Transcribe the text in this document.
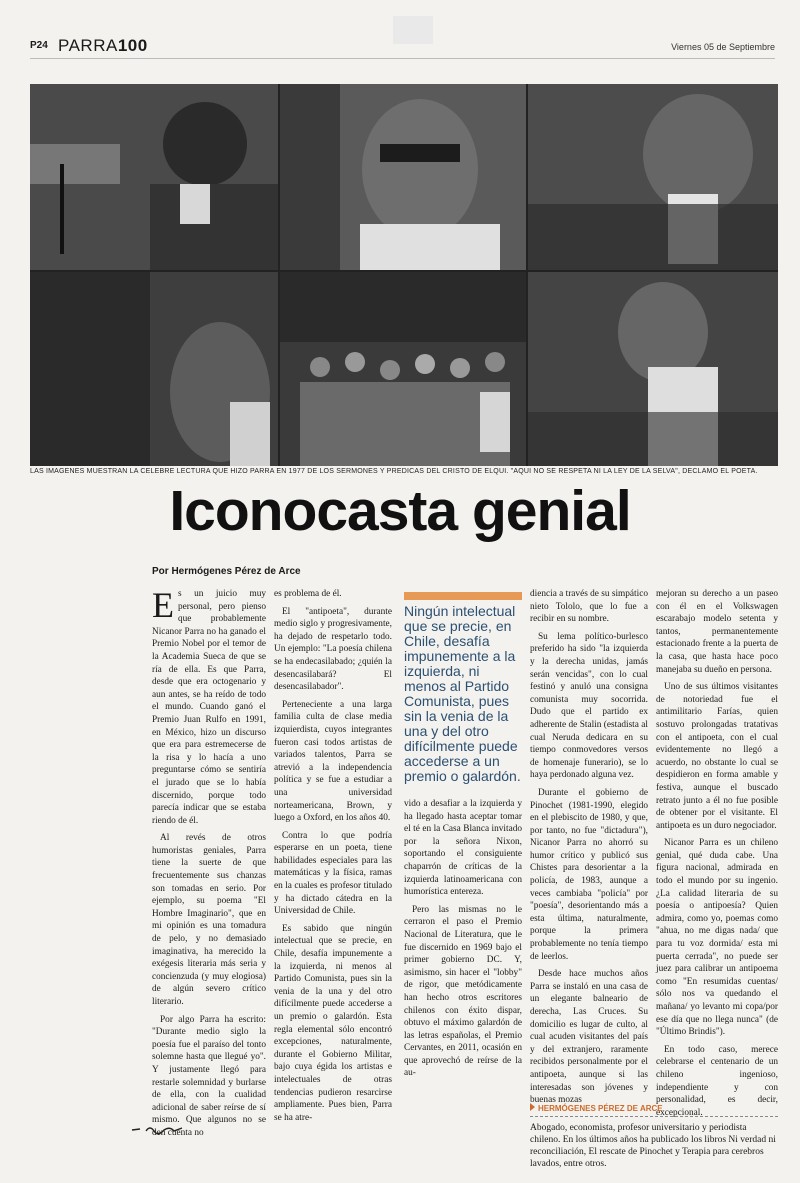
P24 PARRA100	Viernes 05 de Septiembre
LAS IMÁGENES MUESTRAN LA CÉLEBRE LECTURA QUE HIZO PARRA EN 1977 DE LOS SERMONES Y PRÉDICAS DEL CRISTO DE ELQUI. "AQUÍ NO SE RESPETA NI LA LEY DE LA SELVA", DECLAMÓ EL POETA.
Iconocasta genial
Por Hermógenes Pérez de Arce

Es un juicio muy personal, pero pienso que probablemente Nicanor Parra no ha ganado el Premio Nobel por el temor de la Academia Sueca de que se ría de ella. Es que Parra, desde que era octogenario y aun antes, se ha reído de todo el mundo. Cuando ganó el Premio Juan Rulfo en 1991, en México, hizo un discurso que era para estremecerse de la risa y lo hacía a uno preguntarse cómo se sentiría el jurado que se lo había discernido, porque todo parecía indicar que se estaba riendo de él.

Al revés de otros humoristas geniales, Parra tiene la suerte de que frecuentemente sus chanzas son tomadas en serio. Por ejemplo, su poema "El Hombre Imaginario", que en mi opinión es una tomadura de pelo, y no demasiado imaginativa, ha merecido la exégesis literaria más seria y concienzuda (y muy elogiosa) de algún severo crítico literario.

Por algo Parra ha escrito: "Durante medio siglo la poesía fue el paraíso del tonto solemne hasta que llegué yo". Y justamente llegó para restarle solemnidad y burlarse de ella, con la cualidad adicional de saber reírse de sí mismo. Que algunos no se den cuenta no

es problema de él.

El "antipoeta", durante medio siglo y progresivamente, ha dejado de respetarlo todo. Un ejemplo: "La poesía chilena se ha endecasilabado; ¿quién la desencasilabará? El desencasilabador".

Perteneciente a una larga familia culta de clase media izquierdista, cuyos integrantes fueron casi todos artistas de variados talentos, Parra se atrevió a la independencia política y se fue a estudiar a una universidad norteamericana, Brown, y luego a Oxford, en los años 40.

Contra lo que podría esperarse en un poeta, tiene habilidades especiales para las matemáticas y la física, ramas en la cuales es profesor titulado y ha dictado cátedra en la Universidad de Chile.

Es sabido que ningún intelectual que se precie, en Chile, desafía impunemente a la izquierda, ni menos al Partido Comunista, pues sin la venia de la una y del otro difícilmente puede accederse a un premio o galardón. Esta regla elemental sólo encontró excepciones, naturalmente, durante el Gobierno Militar, bajo cuya égida los artistas e intelectuales de otras tendencias pudieron resarcirse ampliamente. Pues bien, Parra se ha atre-

Ningún intelectual que se precie, en Chile, desafía impunemente a la izquierda, ni menos al Partido Comunista, pues sin la venia de la una y del otro difícilmente puede accederse a un premio o galardón.

vido a desafiar a la izquierda y ha llegado hasta aceptar tomar el té en la Casa Blanca invitado por la señora Nixon, soportando el consiguiente chaparrón de críticas de la izquierda latinoamericana con humorística entereza.

Pero las mismas no le cerraron el paso el Premio Nacional de Literatura, que le fue discernido en 1969 bajo el primer gobierno DC. Y, asimismo, sin hacer el "lobby" de rigor, que metódicamente han hecho otros escritores chilenos con éxito dispar, obtuvo el máximo galardón de las letras españolas, el Premio Cervantes, en 2011, ocasión en que aprovechó de reírse de la au-

diencia a través de su simpático nieto Tololo, que lo fue a recibir en su nombre.

Su lema político-burlesco preferido ha sido "la izquierda y la derecha unidas, jamás serán vencidas", con lo cual festinó y anuló una consigna comunista muy socorrida. Dudo que el partido ex adherente de Stalin (estadista al cual Neruda dedicara en su tiempo conmovedores versos de homenaje funerario), se lo haya perdonado alguna vez.

Durante el gobierno de Pinochet (1981-1990, elegido en el plebiscito de 1980, y que, por tanto, no fue "dictadura"), Nicanor Parra no ahorró su humor crítico y publicó sus Chistes para desorientar a la policía, de 1983, aunque a veces cambiaba "policía" por "poesía", desorientando más a esta última, naturalmente, porque la primera probablemente no tenía tiempo de leerlos.

Desde hace muchos años Parra se instaló en una casa de un elegante balneario de derecha, Las Cruces. Su domicilio es lugar de culto, al cual acuden visitantes del país y del extranjero, raramente recibidos personalmente por el antipoeta, aunque si las interesadas son jóvenes y buenas mozas

mejoran su derecho a un paseo con él en el Volkswagen escarabajo modelo setenta y tantos, permanentemente estacionado frente a la puerta de la casa, que hasta hace poco manejaba su dueño en persona.

Uno de sus últimos visitantes de notoriedad fue el antimilitario Farías, quien sostuvo prolongadas tratativas con el antipoeta, con el cual evidentemente no llegó a acuerdo, no obstante lo cual se despidieron en forma amable y festiva, aunque el buscado retrato junto a él no fue posible de obtener por el visitante. El antipoeta es un duro negociador.

Nicanor Parra es un chileno genial, qué duda cabe. Una figura nacional, admirada en todo el mundo por su ingenio. ¿La calidad literaria de su poesía o antipoesía? Quien admira, como yo, poemas como "ahua, no me digas nada/ que para tu voz dormida/ esta mi puerta cerrada", no puede ser juez para calibrar un antipoema como "En resumidas cuentas/ sólo nos va quedando el mañana/ yo levanto mi copa/por ese día que no llega nunca" (de "Último Brindis").

En todo caso, merece celebrarse el centenario de un chileno ingenioso, independiente y con personalidad, es decir, excepcional.

HERMÓGENES PÉREZ DE ARCE
Abogado, economista, profesor universitario y periodista chileno. En los últimos años ha publicado los libros Ni verdad ni reconciliación, El rescate de Pinochet y Terapia para cerebros lavados, entre otros.
